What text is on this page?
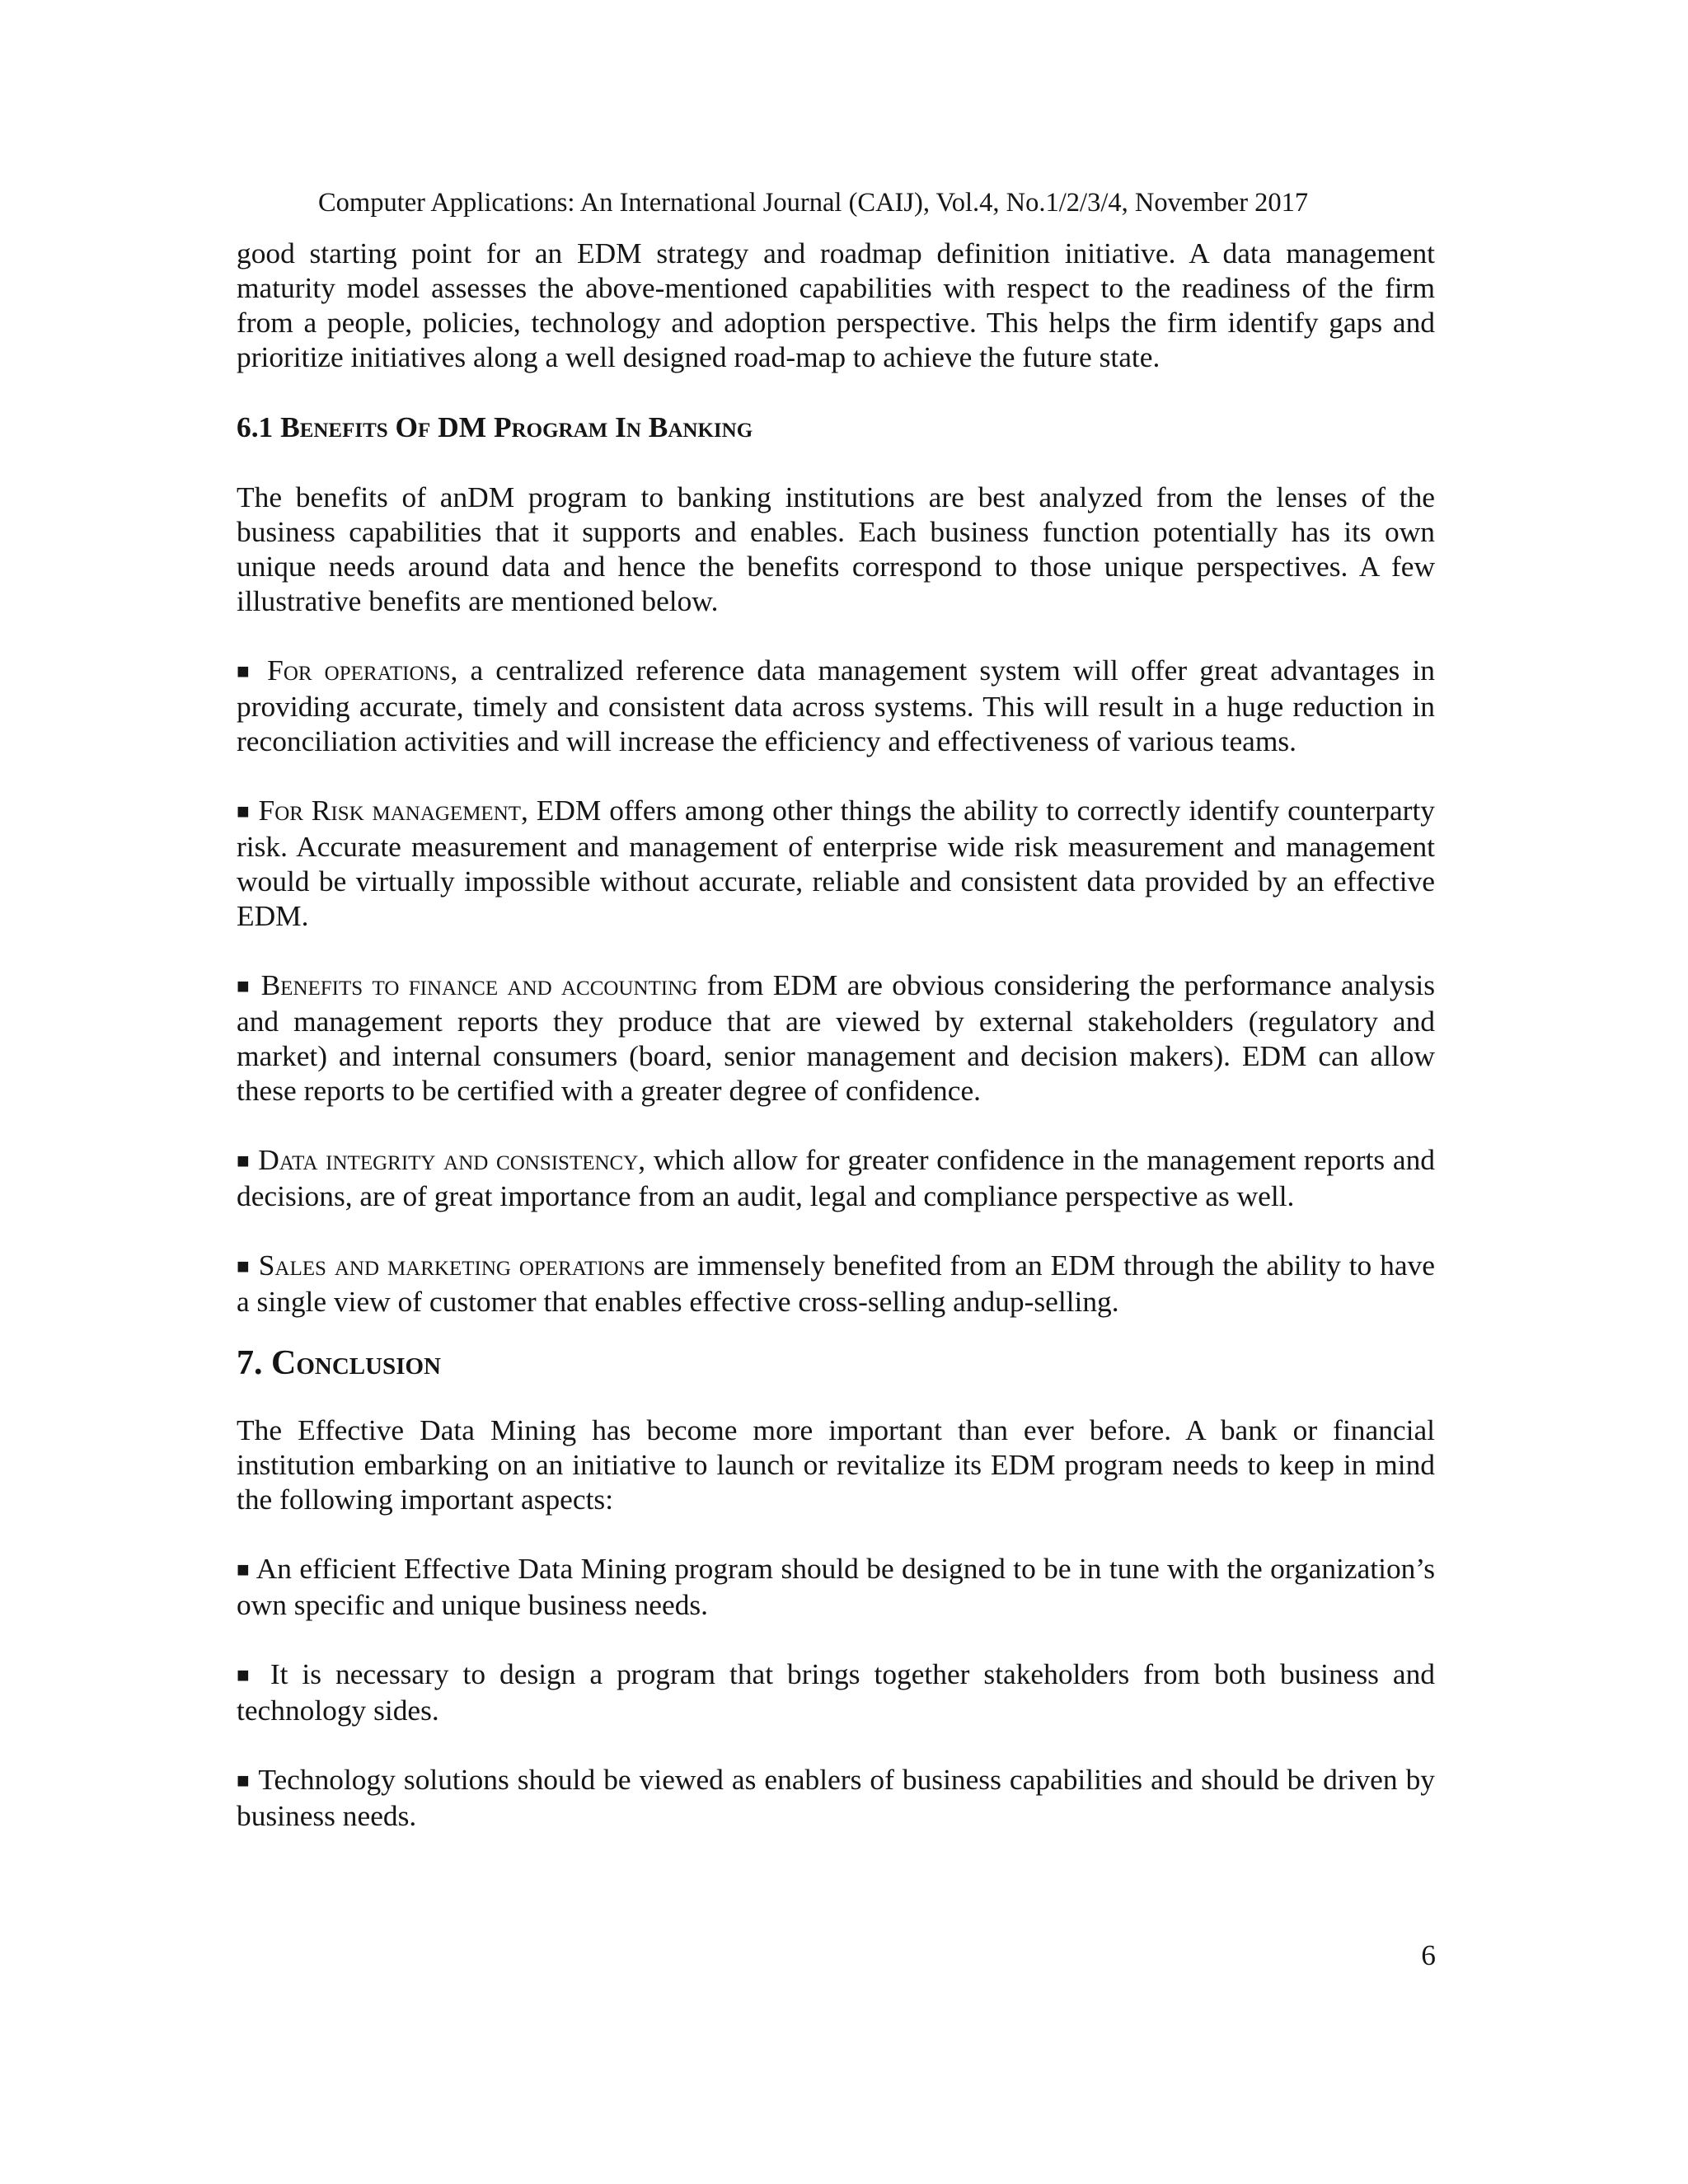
Computer Applications: An International Journal (CAIJ), Vol.4, No.1/2/3/4, November 2017

good starting point for an EDM strategy and roadmap definition initiative. A data management maturity model assesses the above-mentioned capabilities with respect to the readiness of the firm from a people, policies, technology and adoption perspective. This helps the firm identify gaps and prioritize initiatives along a well designed road-map to achieve the future state.

6.1 Benefits Of DM Program In Banking

The benefits of anDM program to banking institutions are best analyzed from the lenses of the business capabilities that it supports and enables. Each business function potentially has its own unique needs around data and hence the benefits correspond to those unique perspectives. A few illustrative benefits are mentioned below.

■ For operations, a centralized reference data management system will offer great advantages in providing accurate, timely and consistent data across systems. This will result in a huge reduction in reconciliation activities and will increase the efficiency and effectiveness of various teams.

■ For Risk management, EDM offers among other things the ability to correctly identify counterparty risk. Accurate measurement and management of enterprise wide risk measurement and management would be virtually impossible without accurate, reliable and consistent data provided by an effective EDM.

■ Benefits to finance and accounting from EDM are obvious considering the performance analysis and management reports they produce that are viewed by external stakeholders (regulatory and market) and internal consumers (board, senior management and decision makers). EDM can allow these reports to be certified with a greater degree of confidence.

■ Data integrity and consistency, which allow for greater confidence in the management reports and decisions, are of great importance from an audit, legal and compliance perspective as well.

■ Sales and marketing operations are immensely benefited from an EDM through the ability to have a single view of customer that enables effective cross-selling andup-selling.

7. Conclusion

The Effective Data Mining has become more important than ever before. A bank or financial institution embarking on an initiative to launch or revitalize its EDM program needs to keep in mind the following important aspects:

■ An efficient Effective Data Mining program should be designed to be in tune with the organization’s own specific and unique business needs.

■ It is necessary to design a program that brings together stakeholders from both business and technology sides.

■ Technology solutions should be viewed as enablers of business capabilities and should be driven by business needs.

6
